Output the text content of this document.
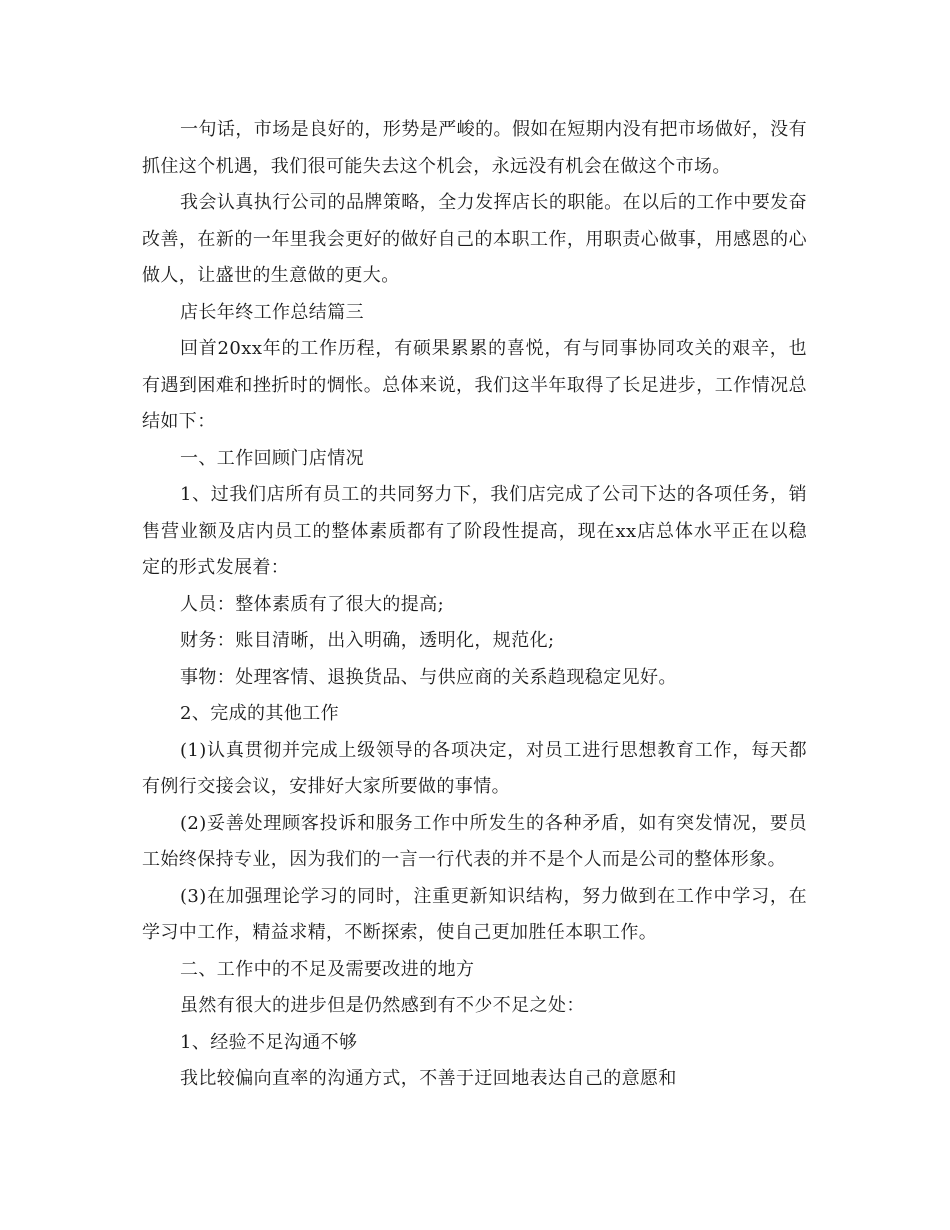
一句话，市场是良好的，形势是严峻的。假如在短期内没有把市场做好，没有抓住这个机遇，我们很可能失去这个机会，永远没有机会在做这个市场。

我会认真执行公司的品牌策略，全力发挥店长的职能。在以后的工作中要发奋改善，在新的一年里我会更好的做好自己的本职工作，用职责心做事，用感恩的心做人，让盛世的生意做的更大。

店长年终工作总结篇三

回首20xx年的工作历程，有硕果累累的喜悦，有与同事协同攻关的艰辛，也有遇到困难和挫折时的惆怅。总体来说，我们这半年取得了长足进步，工作情况总结如下：

一、工作回顾门店情况

1、过我们店所有员工的共同努力下，我们店完成了公司下达的各项任务，销售营业额及店内员工的整体素质都有了阶段性提高，现在xx店总体水平正在以稳定的形式发展着：

人员：整体素质有了很大的提高;

财务：账目清晰，出入明确，透明化，规范化;

事物：处理客情、退换货品、与供应商的关系趋现稳定见好。

2、完成的其他工作

(1)认真贯彻并完成上级领导的各项决定，对员工进行思想教育工作，每天都有例行交接会议，安排好大家所要做的事情。

(2)妥善处理顾客投诉和服务工作中所发生的各种矛盾，如有突发情况，要员工始终保持专业，因为我们的一言一行代表的并不是个人而是公司的整体形象。

(3)在加强理论学习的同时，注重更新知识结构，努力做到在工作中学习，在学习中工作，精益求精，不断探索，使自己更加胜任本职工作。

二、工作中的不足及需要改进的地方

虽然有很大的进步但是仍然感到有不少不足之处：

1、经验不足沟通不够

我比较偏向直率的沟通方式，不善于迂回地表达自己的意愿和
